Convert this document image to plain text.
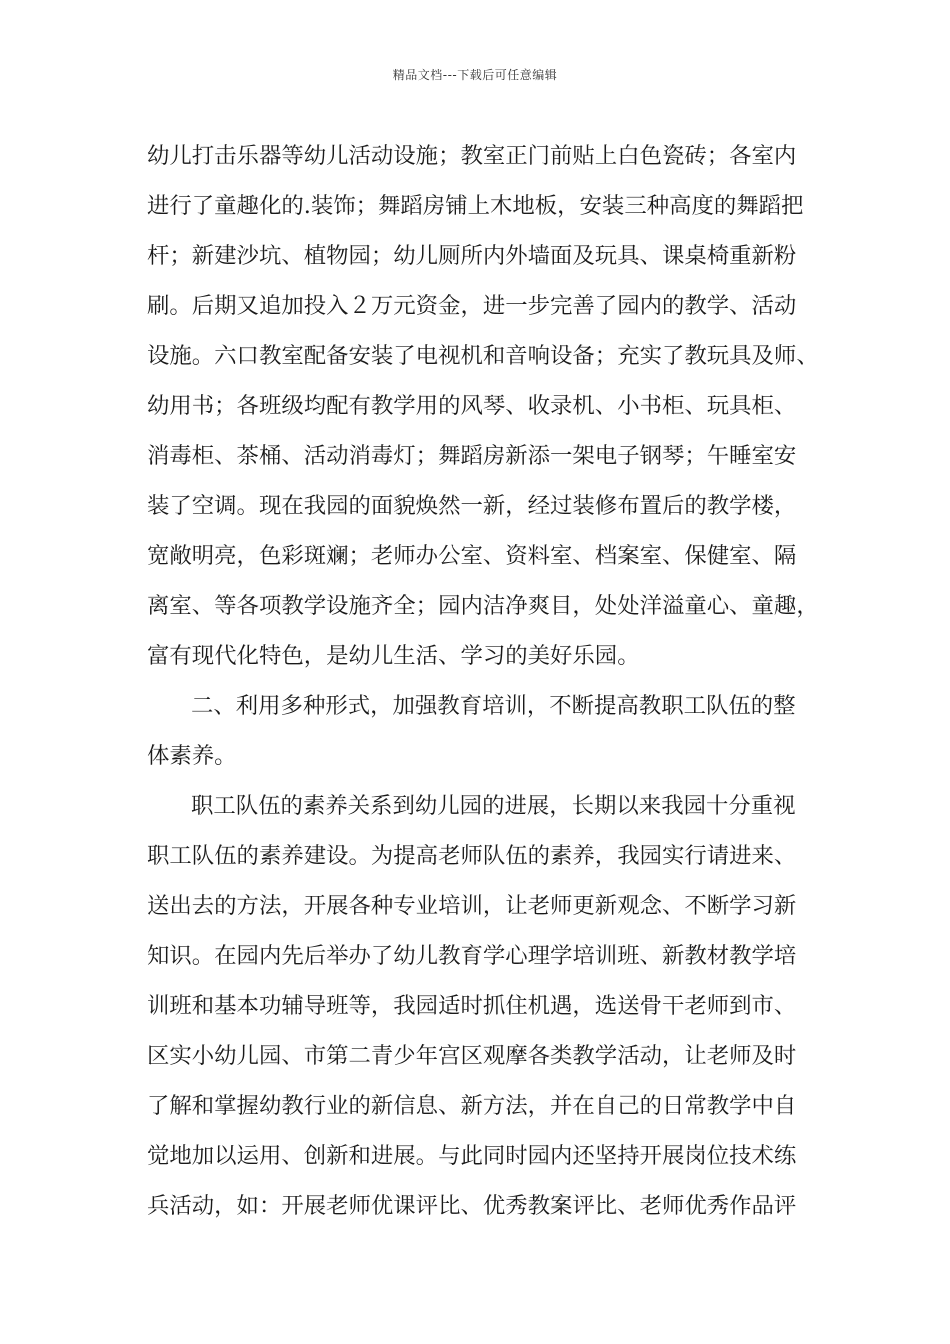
精品文档---下载后可任意编辑
幼儿打击乐器等幼儿活动设施；教室正门前贴上白色瓷砖；各室内
进行了童趣化的.装饰；舞蹈房铺上木地板，安装三种高度的舞蹈把
杆；新建沙坑、植物园；幼儿厕所内外墙面及玩具、课桌椅重新粉
刷。后期又追加投入２万元资金，进一步完善了园内的教学、活动
设施。六口教室配备安装了电视机和音响设备；充实了教玩具及师、
幼用书；各班级均配有教学用的风琴、收录机、小书柜、玩具柜、
消毒柜、茶桶、活动消毒灯；舞蹈房新添一架电子钢琴；午睡室安
装了空调。现在我园的面貌焕然一新，经过装修布置后的教学楼，
宽敞明亮，色彩斑斓；老师办公室、资料室、档案室、保健室、隔
离室、等各项教学设施齐全；园内洁净爽目，处处洋溢童心、童趣，
富有现代化特色，是幼儿生活、学习的美好乐园。
二、利用多种形式，加强教育培训，不断提高教职工队伍的整
体素养。
职工队伍的素养关系到幼儿园的进展，长期以来我园十分重视
职工队伍的素养建设。为提高老师队伍的素养，我园实行请进来、
送出去的方法，开展各种专业培训，让老师更新观念、不断学习新
知识。在园内先后举办了幼儿教育学心理学培训班、新教材教学培
训班和基本功辅导班等，我园适时抓住机遇，选送骨干老师到市、
区实小幼儿园、市第二青少年宫区观摩各类教学活动，让老师及时
了解和掌握幼教行业的新信息、新方法，并在自己的日常教学中自
觉地加以运用、创新和进展。与此同时园内还坚持开展岗位技术练
兵活动，如：开展老师优课评比、优秀教案评比、老师优秀作品评
